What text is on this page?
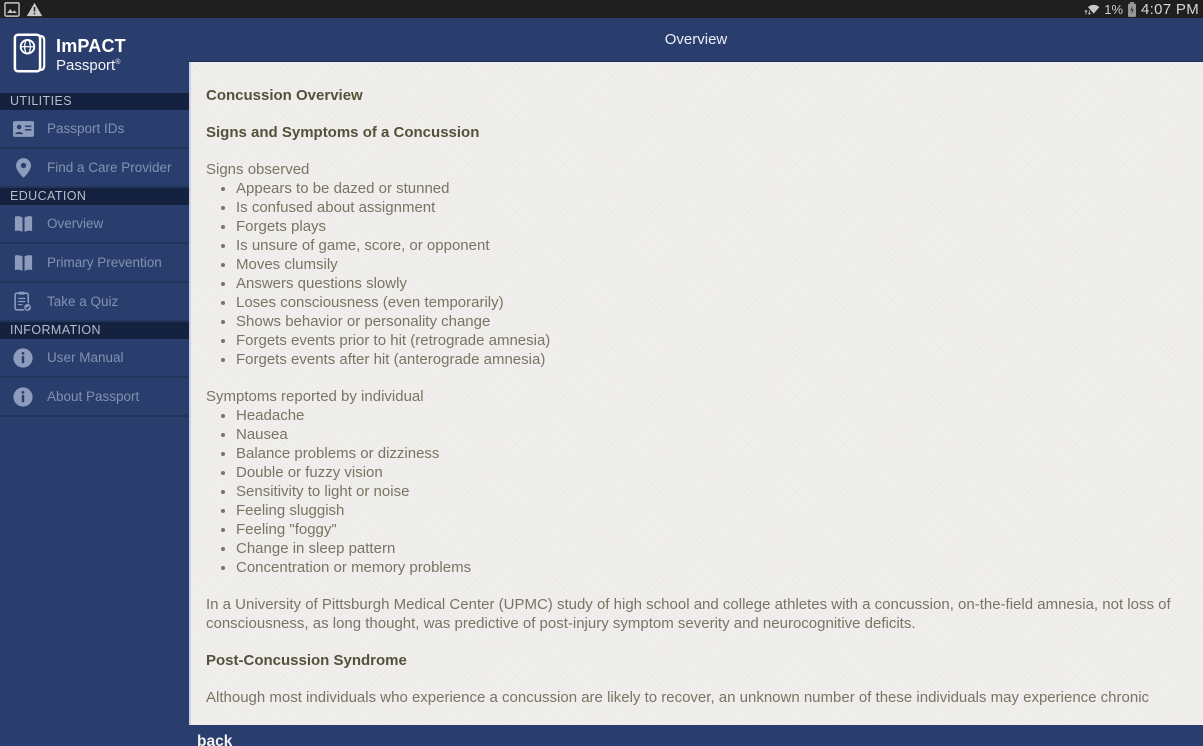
1% 4:07 PM
ImPACT
Passport®
UTILITIES
Passport IDs
Find a Care Provider
EDUCATION
Overview
Primary Prevention
Take a Quiz
INFORMATION
User Manual
About Passport
Overview
Concussion Overview
Signs and Symptoms of a Concussion
Signs observed
• Appears to be dazed or stunned
• Is confused about assignment
• Forgets plays
• Is unsure of game, score, or opponent
• Moves clumsily
• Answers questions slowly
• Loses consciousness (even temporarily)
• Shows behavior or personality change
• Forgets events prior to hit (retrograde amnesia)
• Forgets events after hit (anterograde amnesia)
Symptoms reported by individual
• Headache
• Nausea
• Balance problems or dizziness
• Double or fuzzy vision
• Sensitivity to light or noise
• Feeling sluggish
• Feeling "foggy"
• Change in sleep pattern
• Concentration or memory problems

In a University of Pittsburgh Medical Center (UPMC) study of high school and college athletes with a concussion, on-the-field amnesia, not loss of consciousness, as long thought, was predictive of post-injury symptom severity and neurocognitive deficits.

Post-Concussion Syndrome

Although most individuals who experience a concussion are likely to recover, an unknown number of these individuals may experience chronic

back
